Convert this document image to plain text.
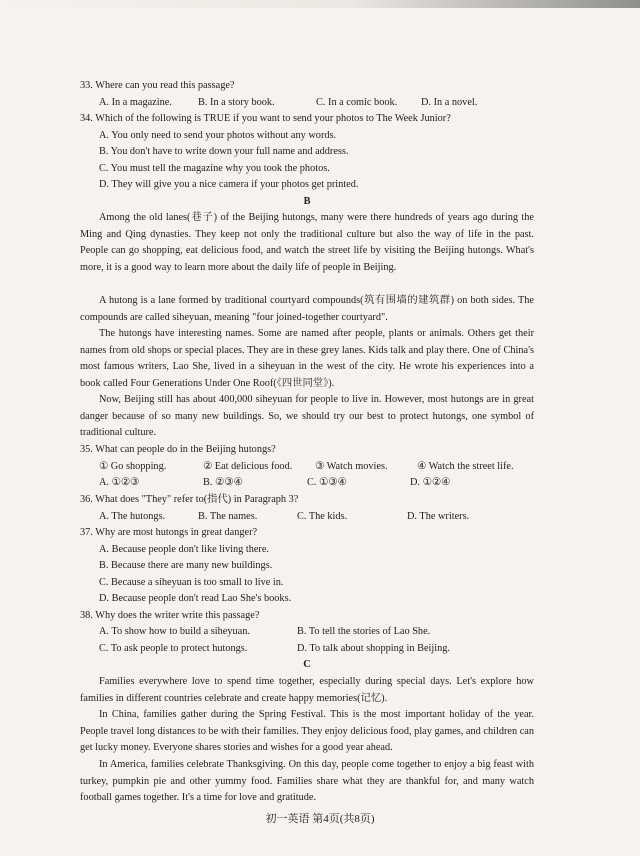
33. Where can you read this passage?
A. In a magazine.	B. In a story book.	C. In a comic book.	D. In a novel.
34. Which of the following is TRUE if you want to send your photos to The Week Junior?
A. You only need to send your photos without any words.
B. You don't have to write down your full name and address.
C. You must tell the magazine why you took the photos.
D. They will give you a nice camera if your photos get printed.
B

Among the old lanes(巷子) of the Beijing hutongs, many were there hundreds of years ago during the Ming and Qing dynasties. They keep not only the traditional culture but also the way of life in the past. People can go shopping, eat delicious food, and watch the street life by visiting the Beijing hutongs. What's more, it is a good way to learn more about the daily life of people in Beijing.

A hutong is a lane formed by traditional courtyard compounds(筑有围墙的建筑群) on both sides. The compounds are called siheyuan, meaning "four joined-together courtyard".

The hutongs have interesting names. Some are named after people, plants or animals. Others get their names from old shops or special places. They are in these grey lanes. Kids talk and play there. One of China's most famous writers, Lao She, lived in a siheyuan in the west of the city. He wrote his experiences into a book called Four Generations Under One Roof(《四世同堂》).

Now, Beijing still has about 400,000 siheyuan for people to live in. However, most hutongs are in great danger because of so many new buildings. So, we should try our best to protect hutongs, one symbol of traditional culture.

35. What can people do in the Beijing hutongs?
① Go shopping.	② Eat delicious food.	③ Watch movies.	④ Watch the street life.
A. ①②③	B. ②③④	C. ①③④	D. ①②④
36. What does "They" refer to(指代) in Paragraph 3?
A. The hutongs.	B. The names.	C. The kids.	D. The writers.
37. Why are most hutongs in great danger?
A. Because people don't like living there.
B. Because there are many new buildings.
C. Because a siheyuan is too small to live in.
D. Because people don't read Lao She's books.
38. Why does the writer write this passage?
A. To show how to build a siheyuan.	B. To tell the stories of Lao She.
C. To ask people to protect hutongs.	D. To talk about shopping in Beijing.
C

Families everywhere love to spend time together, especially during special days. Let's explore how families in different countries celebrate and create happy memories(记忆).

In China, families gather during the Spring Festival. This is the most important holiday of the year. People travel long distances to be with their families. They enjoy delicious food, play games, and children can get lucky money. Everyone shares stories and wishes for a good year ahead.

In America, families celebrate Thanksgiving. On this day, people come together to enjoy a big feast with turkey, pumpkin pie and other yummy food. Families share what they are thankful for, and many watch football games together. It's a time for love and gratitude.

初一英语 第4页(共8页)
